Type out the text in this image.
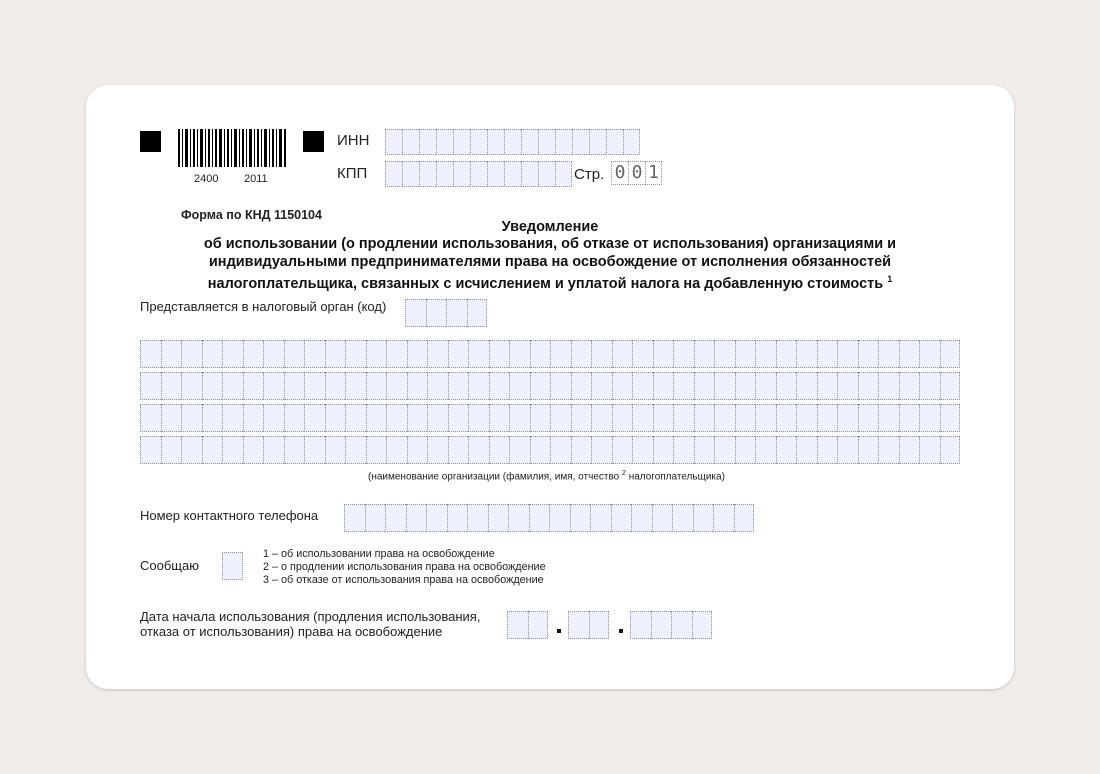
2400 2011
ИНН
КПП	Стр. 0 0 1
Форма по КНД 1150104
Уведомление
об использовании (о продлении использования, об отказе от использования) организациями и
индивидуальными предпринимателями права на освобождение от исполнения обязанностей
налогоплательщика, связанных с исчислением и уплатой налога на добавленную стоимость $^1$
Представляется в налоговый орган (код)
(наименование организации (фамилия, имя, отчество $^2$ налогоплательщика)
Номер контактного телефона
Сообщаю
1 – об использовании права на освобождение
2 – о продлении использования права на освобождение
3 – об отказе от использования права на освобождение
Дата начала использования (продления использования,
отказа от использования) права на освобождение
